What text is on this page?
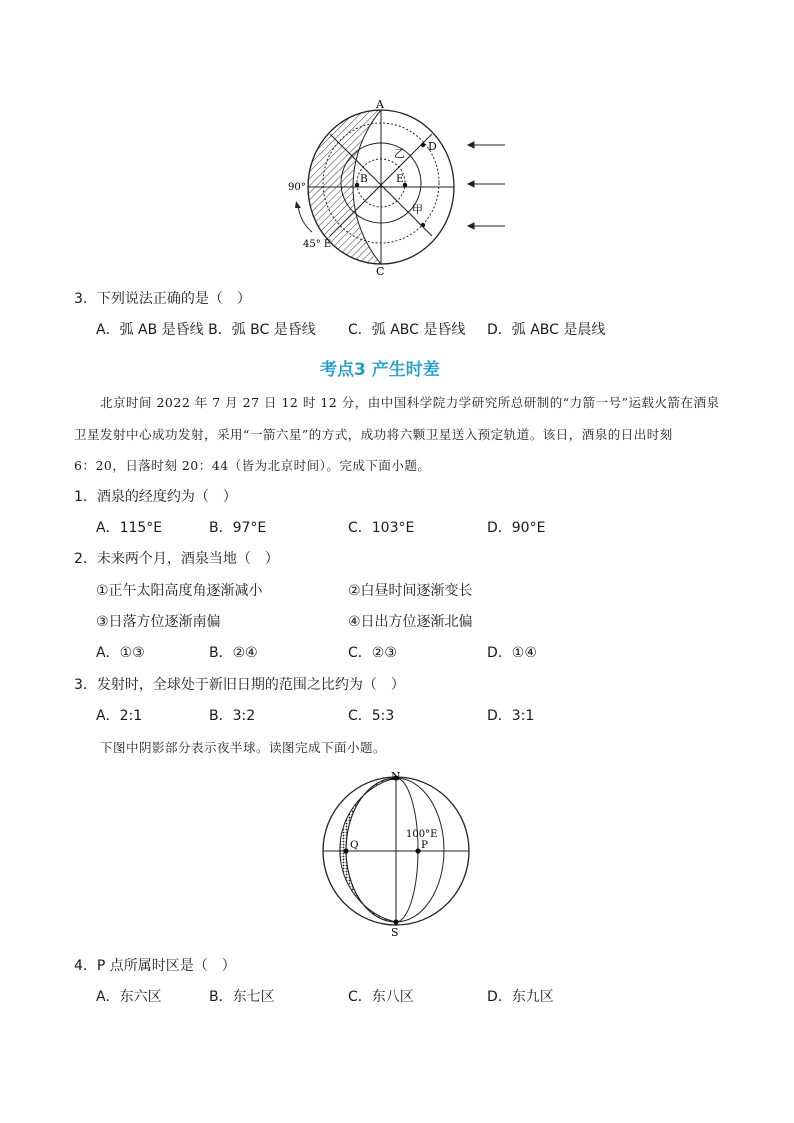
A
C
D
B	E
乙
甲
90°
45° E
3．下列说法正确的是（　）
A．弧 AB 是昏线 B．弧 BC 是昏线 C．弧 ABC 是昏线 D．弧 ABC 是晨线
考点3 产生时差
北京时间 2022 年 7 月 27 日 12 时 12 分，由中国科学院力学研究所总研制的“力箭一号”运载火箭在酒泉
卫星发射中心成功发射，采用“一箭六星”的方式，成功将六颗卫星送入预定轨道。该日，酒泉的日出时刻
6：20，日落时刻 20：44（皆为北京时间）。完成下面小题。
1．酒泉的经度约为（　）
A．115°E	B．97°E	C．103°E	D．90°E
2．未来两个月，酒泉当地（　）
①正午太阳高度角逐渐减小	②白昼时间逐渐变长
③日落方位逐渐南偏	④日出方位逐渐北偏
A．①③	B．②④	C．②③	D．①④
3．发射时，全球处于新旧日期的范围之比约为（　）
A．2:1	B．3:2	C．5:3	D．3:1
下图中阴影部分表示夜半球。读图完成下面小题。
N
S
Q	P
100°E
4．P 点所属时区是（　）
A．东六区	B．东七区	C．东八区	D．东九区
